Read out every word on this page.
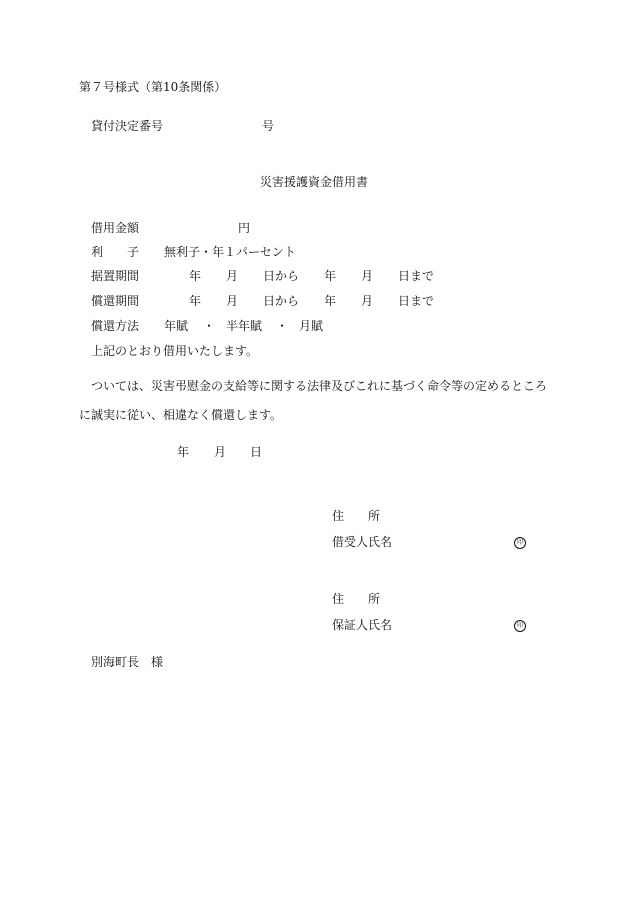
第７号様式（第10条関係）
貸付決定番号	号
災害援護資金借用書
借用金額	円
利　　子 無利子・年１パーセント
据置期間	年 月 日から 年 月 日まで
償還期間	年 月 日から 年 月 日まで
償還方法 年賦 ・ 半年賦 ・ 月賦
上記のとおり借用いたします。
ついては、災害弔慰金の支給等に関する法律及びこれに基づく命令等の定めるところ
に誠実に従い、相違なく償還します。
年 月 日
住　　所
借受人氏名	印
住　　所
保証人氏名	印
別海町長　様
